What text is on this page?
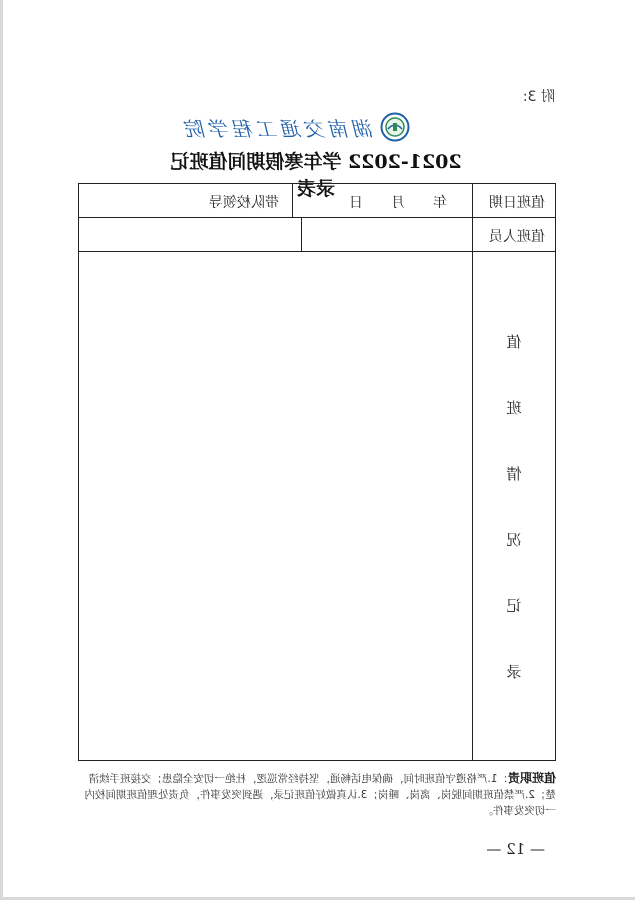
附 3:
湖南交通工程学院
2021-2022 学年寒假期间值班记录表
值班日期
年　　月　　日
带队校领导
值班人员
值
班
情
况
记
录
值班职责：1.严格遵守值班时间，确保电话畅通，坚持经常巡逻，杜绝一切安全隐患；交接班手续清楚；2.严禁值班期间脱岗、离岗、睡岗；3.认真做好值班记录，遇到突发事件，负责处理值班期间校内一切突发事件。
— 12 —
